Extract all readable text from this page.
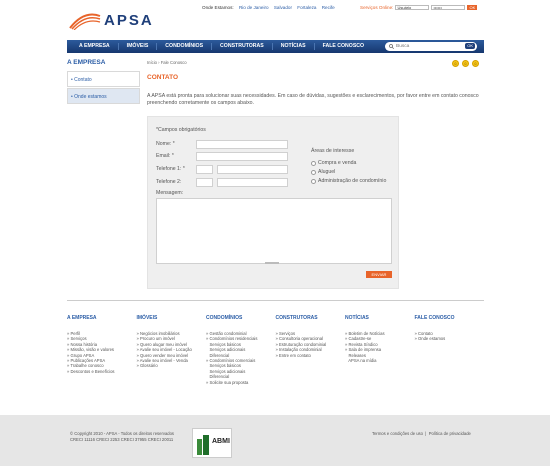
APSA
Onde Estamos: Rio de Janeiro Salvador Fortaleza Recife	Serviços Online:	Usuário	••••••	OK
A EMPRESA	IMÓVEIS	CONDOMÍNIOS	CONSTRUTORAS	NOTÍCIAS	FALE CONOSCO	Busca	OK
A EMPRESA
• Contato
• Onde estamos
Início › Fale Conosco	☺	☺	☺
CONTATO
A APSA está pronta para solucionar suas necessidades. Em caso de dúvidas, sugestões e esclarecimentos, por favor entre em contato conosco preenchendo corretamente os campos abaixo.
*Campos obrigatórios
Nome: *
Email: *
Telefone 1: *
Telefone 2:
Áreas de interesse
Compra e venda
Aluguel
Administração de condomínio
Mensagem:
ENVIAR
A EMPRESA
» Perfil
» Serviços
» Nossa história
» Missão, visão e valores
» Grupo APSA
» Publicações APSA
» Trabalhe conosco
» Descontos e Benefícios
IMÓVEIS
» Negócios imobiliários
» Procuro um imóvel
» Quero alugar meu imóvel
» Avalie seu imóvel - Locação
» Quero vender meu imóvel
» Avalie seu imóvel - Venda
» Glossário
CONDOMÍNIOS
» Gestão condominial
» Condomínios residenciais
Serviços básicos
Serviços adicionais
Diferencial
» Condomínios comerciais
Serviços básicos
Serviços adicionais
Diferencial
» Solicite sua proposta
CONSTRUTORAS
» Serviços
» Consultoria operacional
» Estruturação condominial
» Instalação condominial
» Entre em contato
NOTÍCIAS
» Boletim de Notícias
» Cadastre-se
» Revista Síndico
» Sala de imprensa
Releases
APSA na mídia
FALE CONOSCO
» Contato
» Onde estamos
© Copyright 2010 - APSA - Todos os direitos reservados
CRECI 11116 CRECI 2253 CRECI 37955 CRECI 20011	ABMI
Termos e condições de uso  |  Política de privacidade
